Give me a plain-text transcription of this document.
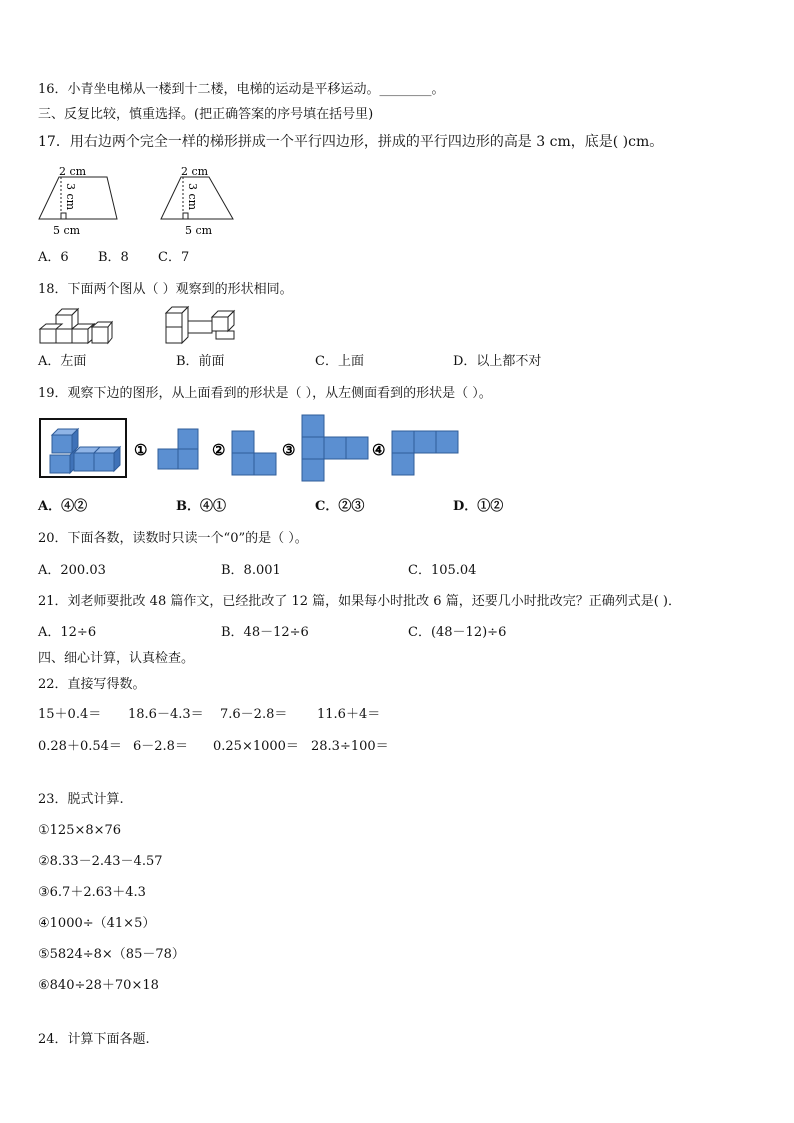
16．小青坐电梯从一楼到十二楼，电梯的运动是平移运动。________。
三、反复比较，慎重选择。(把正确答案的序号填在括号里)
17．用右边两个完全一样的梯形拼成一个平行四边形，拼成的平行四边形的高是 3 cm，底是( )cm。
2 cm
3 cm
5 cm
2 cm
3 cm
5 cm
A．6 B．8 C．7
18．下面两个图从（ ）观察到的形状相同。
A．左面	B．前面	C．上面	D．以上都不对
19．观察下边的图形，从上面看到的形状是（ ），从左侧面看到的形状是（ ）。
①	②	③	④
A．④②	B．④①	C．②③	D．①②
20．下面各数，读数时只读一个“0”的是（ ）。
A．200.03	B．8.001	C．105.04
21．刘老师要批改 48 篇作文，已经批改了 12 篇，如果每小时批改 6 篇，还要几小时批改完？正确列式是( )．
A．12÷6	B．48－12÷6	C．(48－12)÷6
四、细心计算，认真检查。
22．直接写得数。
15＋0.4＝ 18.6－4.3＝ 7.6－2.8＝ 11.6＋4＝
0.28＋0.54＝ 6－2.8＝ 0.25×1000＝ 28.3÷100＝
23．脱式计算.
①125×8×76
②8.33－2.43－4.57
③6.7＋2.63＋4.3
④1000÷（41×5）
⑤5824÷8×（85－78）
⑥840÷28＋70×18
24．计算下面各题.
